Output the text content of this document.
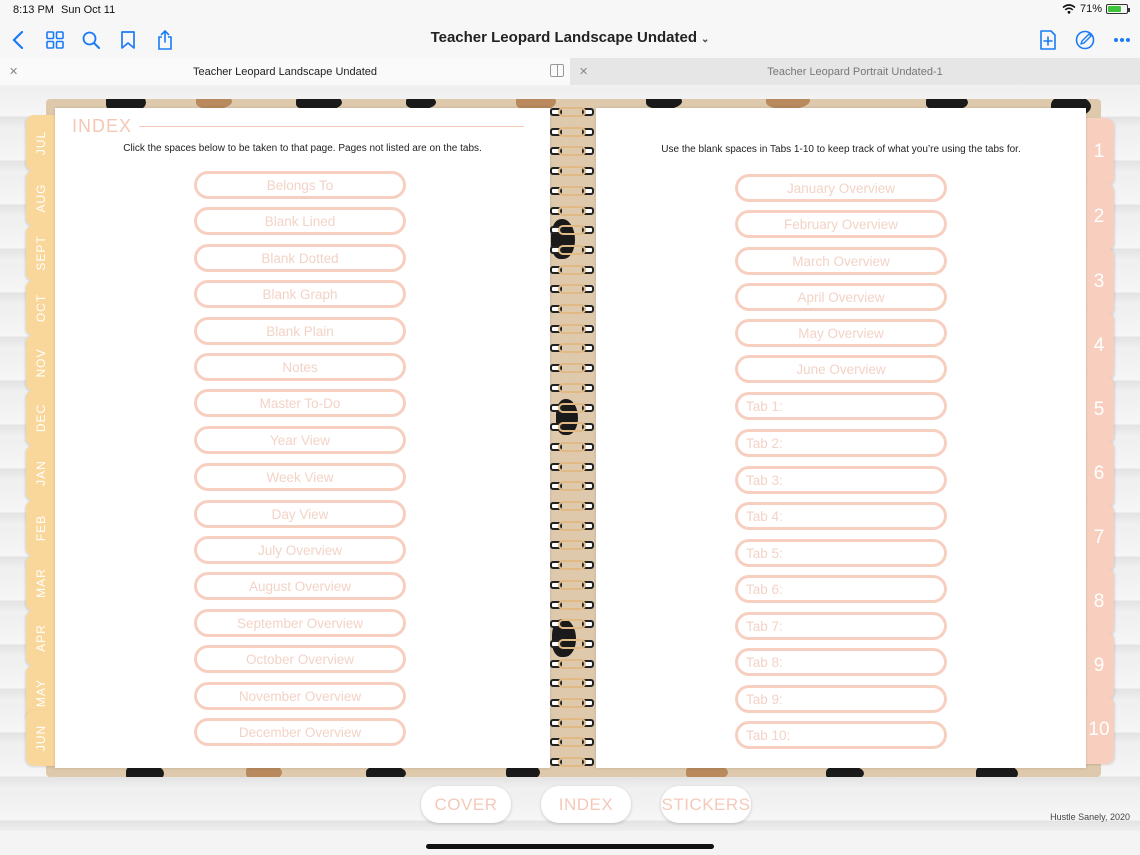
8:13 PM Sun Oct 11	71%
Teacher Leopard Landscape Undated ⌄
✕	Teacher Leopard Landscape Undated	✕	Teacher Leopard Portrait Undated-1
JUL
AUG
SEPT
OCT
NOV
DEC
JAN
FEB
MAR
APR
MAY
JUN
1
2
3
4
5
6
7
8
9
10
INDEX
Click the spaces below to be taken to that page. Pages not listed are on the tabs.
Belongs To
Blank Lined
Blank Dotted
Blank Graph
Blank Plain
Notes
Master To-Do
Year View
Week View
Day View
July Overview
August Overview
September Overview
October Overview
November Overview
December Overview
Use the blank spaces in Tabs 1-10 to keep track of what you’re using the tabs for.
January Overview
February Overview
March Overview
April Overview
May Overview
June Overview
Tab 1:
Tab 2:
Tab 3:
Tab 4:
Tab 5:
Tab 6:
Tab 7:
Tab 8:
Tab 9:
Tab 10:
COVER	INDEX	STICKERS
Hustle Sanely, 2020
